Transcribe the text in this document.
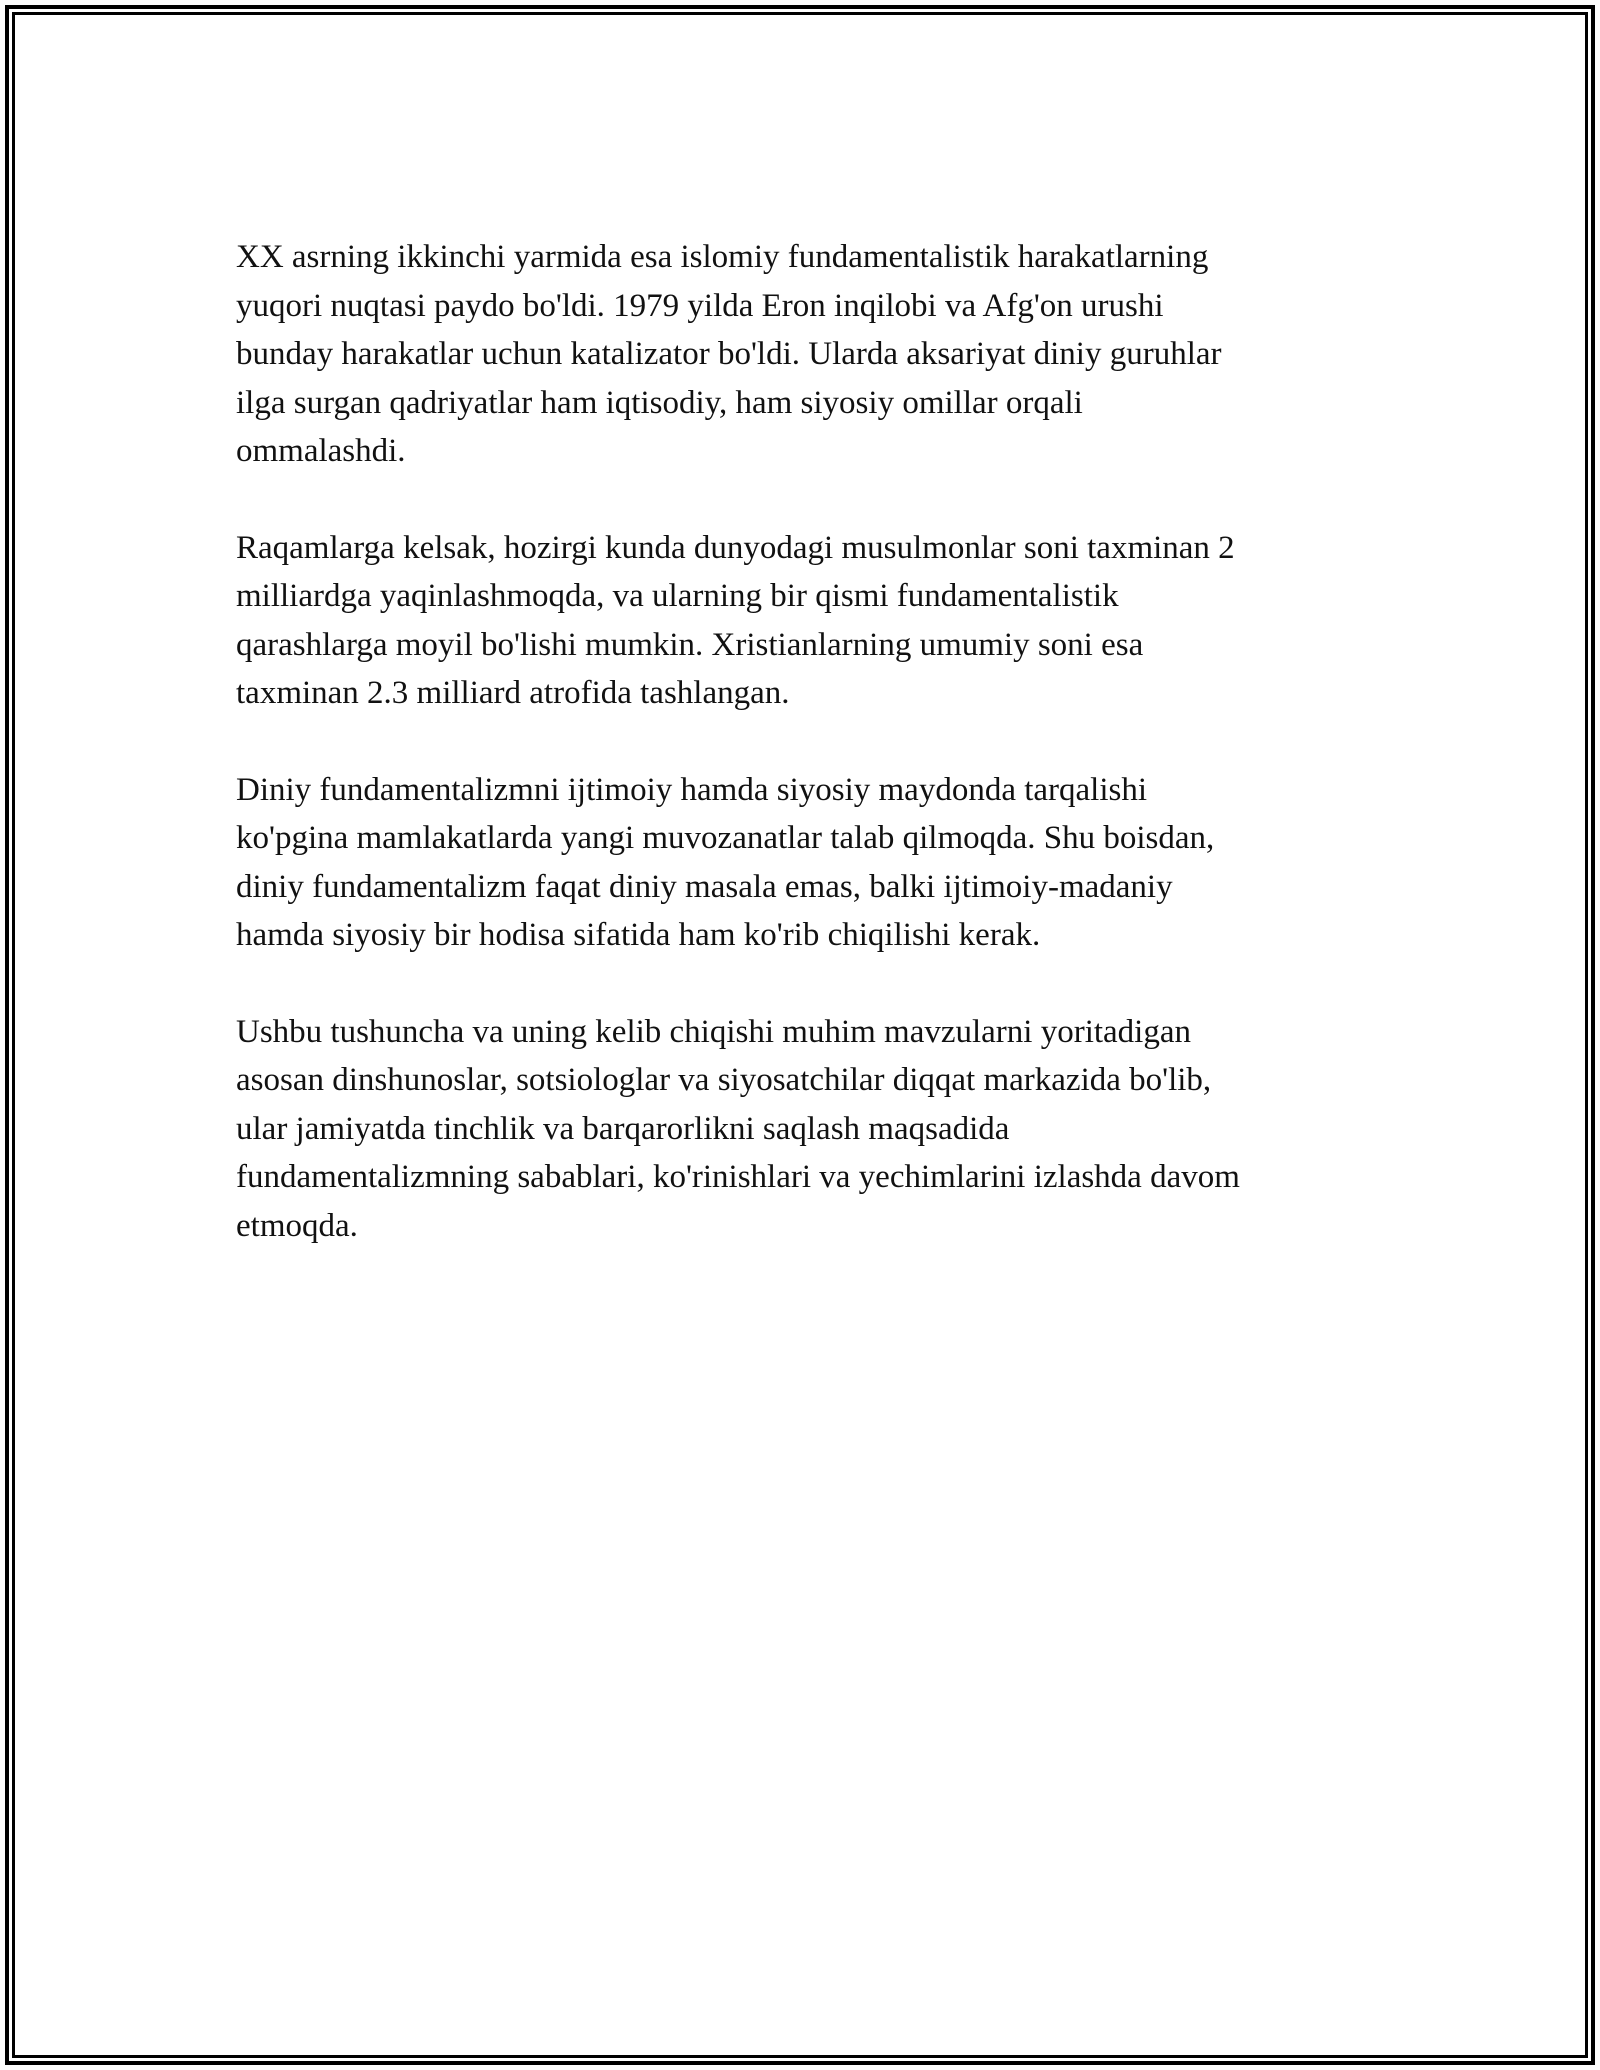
XX asrning ikkinchi yarmida esa islomiy fundamentalistik harakatlarning
yuqori nuqtasi paydo bo'ldi. 1979 yilda Eron inqilobi va Afg'on urushi
bunday harakatlar uchun katalizator bo'ldi. Ularda aksariyat diniy guruhlar
ilga surgan qadriyatlar ham iqtisodiy, ham siyosiy omillar orqali
ommalashdi.

Raqamlarga kelsak, hozirgi kunda dunyodagi musulmonlar soni taxminan 2
milliardga yaqinlashmoqda, va ularning bir qismi fundamentalistik
qarashlarga moyil bo'lishi mumkin. Xristianlarning umumiy soni esa
taxminan 2.3 milliard atrofida tashlangan.

Diniy fundamentalizmni ijtimoiy hamda siyosiy maydonda tarqalishi
ko'pgina mamlakatlarda yangi muvozanatlar talab qilmoqda. Shu boisdan,
diniy fundamentalizm faqat diniy masala emas, balki ijtimoiy-madaniy
hamda siyosiy bir hodisa sifatida ham ko'rib chiqilishi kerak.

Ushbu tushuncha va uning kelib chiqishi muhim mavzularni yoritadigan
asosan dinshunoslar, sotsiologlar va siyosatchilar diqqat markazida bo'lib,
ular jamiyatda tinchlik va barqarorlikni saqlash maqsadida
fundamentalizmning sabablari, ko'rinishlari va yechimlarini izlashda davom
etmoqda.
